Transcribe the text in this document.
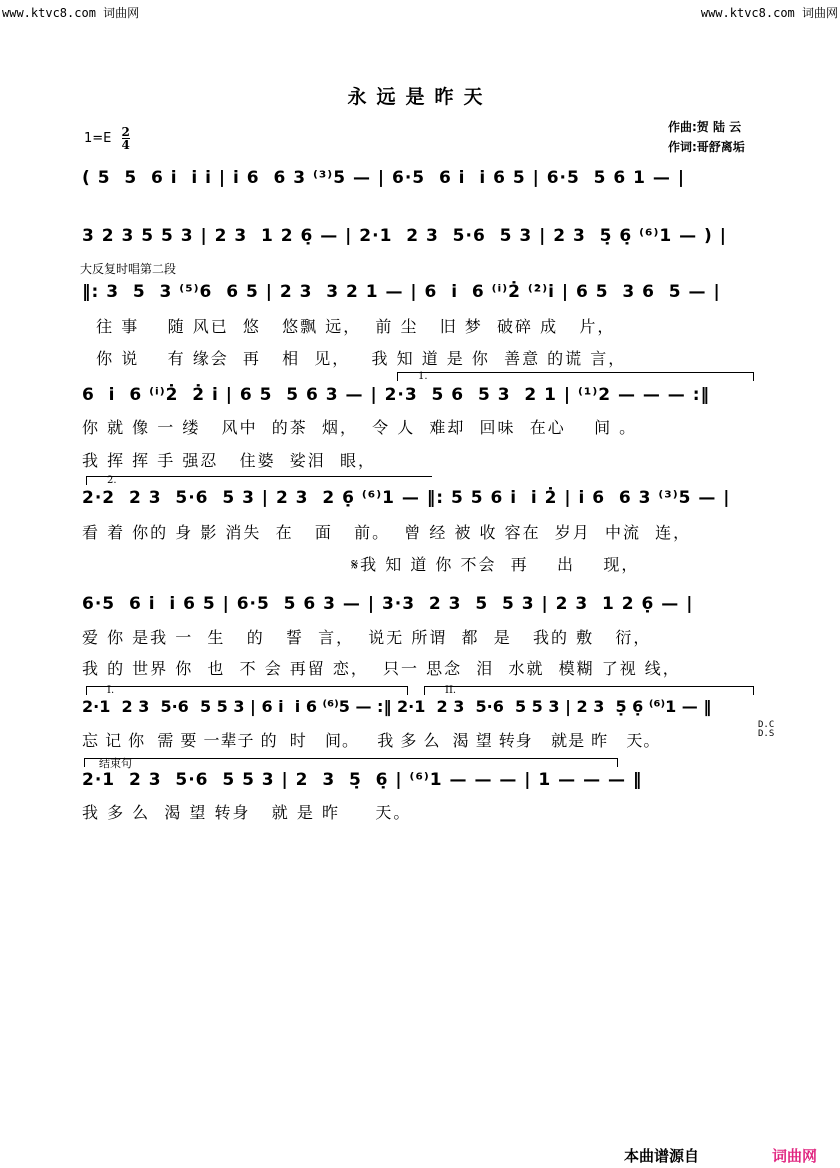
www.ktvc8.com 词曲网	www.ktvc8.com 词曲网
永远是昨天
$1=E \frac{2}{4}$	作曲:贺 陆 云
作词:哥舒离垢
( 5  5  6 i  i i | i 6  6 3 ⁽³⁾5 — | 6·5  6 i  i 6 5 | 6·5  5 6 1 — |
3 2 3 5 5 3 | 2 3  1 2 6̣ — | 2·1  2 3  5·6  5 3 | 2 3  5̣ 6̣ ⁽⁶⁾1 — ) |
大反复时唱第二段
‖: 3  5  3 ⁽⁵⁾6  6 5 | 2 3  3 2 1 — | 6  i  6 ⁽ⁱ⁾2̇ ⁽²̇⁾i | 6 5  3 6  5 — |
往 事    随 风已  悠   悠飘 远，  前 尘   旧 梦  破碎 成   片，
你 说    有 缘会  再   相  见，   我 知 道 是 你  善意 的谎 言，
1.
6  i  6 ⁽ⁱ⁾2̇  2̇ i | 6 5  5 6 3 — | 2·3  5 6  5 3  2 1 | ⁽¹⁾2 — — — :‖
你 就 像 一 缕   风中  的茶  烟，  令 人  难却  回味  在心    间 。
我 挥 挥 手 强忍   住婆  娑泪  眼，
2.
2·2  2 3  5·6  5 3 | 2 3  2 6̣ ⁽⁶⁾1 — ‖: 5 5 6 i  i 2̇ | i 6  6 3 ⁽³⁾5 — |
看 着 你的 身 影 消失  在   面   前。  曾 经 被 收 容在  岁月  中流  连，
𝄋我 知 道 你 不会  再    出    现，
6·5  6 i  i 6 5 | 6·5  5 6 3 — | 3·3  2 3  5  5 3 | 2 3  1 2 6̣ — |
爱 你 是我 一  生   的   誓  言，  说无 所谓  都  是   我的 敷   衍，
我 的 世界 你  也  不 会 再留 恋，  只一 思念  泪  水就  模糊 了视 线，
I.	II.
2·1  2 3  5·6  5 5 3 | 6 i  i 6 ⁽⁶⁾5 — :‖ 2·1  2 3  5·6  5 5 3 | 2 3  5̣ 6̣ ⁽⁶⁾1 — ‖
忘 记 你  需 要 一辈子 的  时   间。   我 多 么  渴 望 转身   就是 昨   天。
D.C
D.S
结束句
2·1  2 3  5·6  5 5 3 | 2  3  5̣  6̣ | ⁽⁶⁾1 — — — | 1 — — — ‖
我 多 么  渴 望 转身   就 是 昨     天。
本曲谱源自	词曲网
